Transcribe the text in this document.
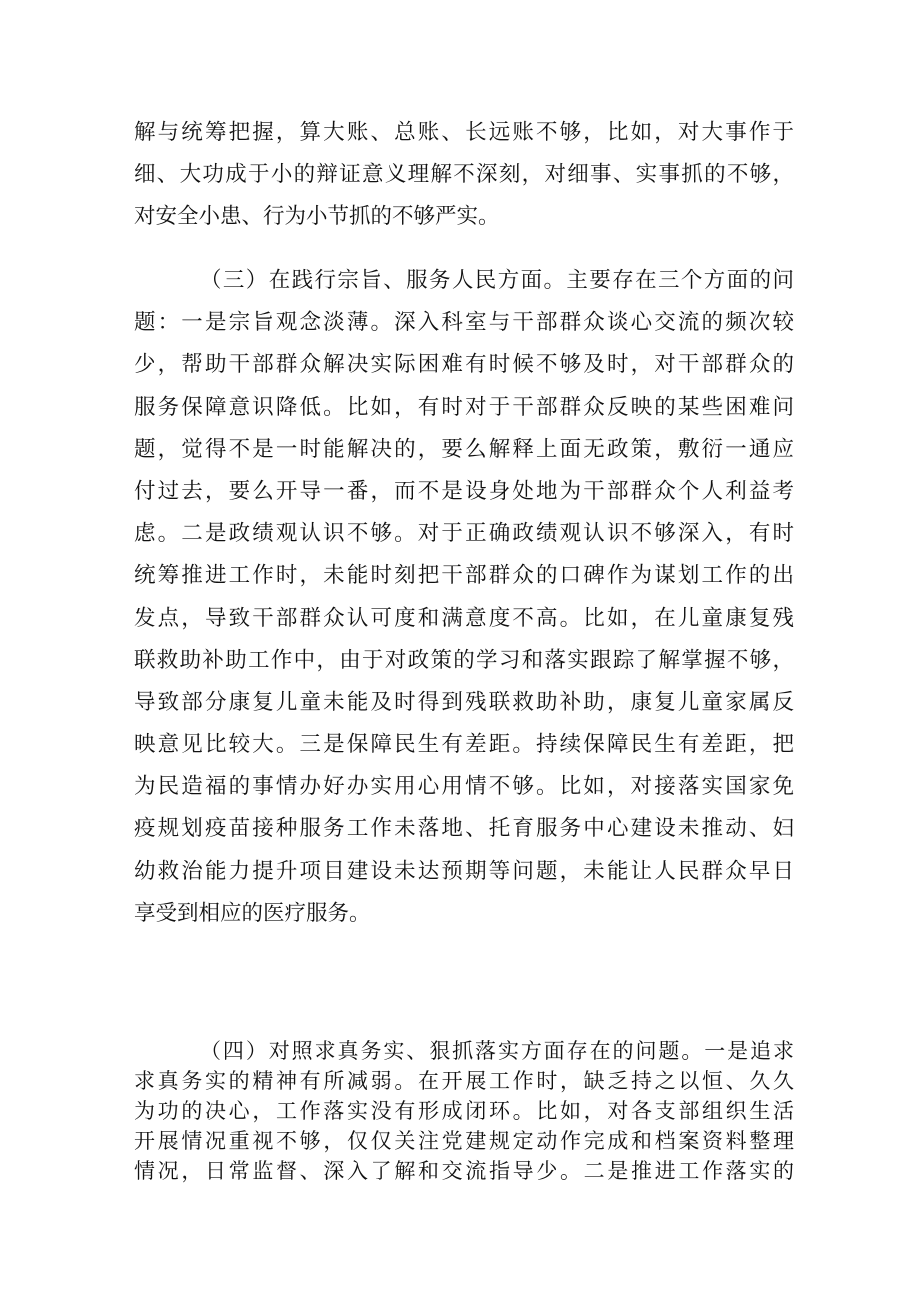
解与统筹把握，算大账、总账、长远账不够，比如，对大事作于
细、大功成于小的辩证意义理解不深刻，对细事、实事抓的不够，
对安全小患、行为小节抓的不够严实。
（三）在践行宗旨、服务人民方面。主要存在三个方面的问
题：一是宗旨观念淡薄。深入科室与干部群众谈心交流的频次较
少，帮助干部群众解决实际困难有时候不够及时，对干部群众的
服务保障意识降低。比如，有时对于干部群众反映的某些困难问
题，觉得不是一时能解决的，要么解释上面无政策，敷衍一通应
付过去，要么开导一番，而不是设身处地为干部群众个人利益考
虑。二是政绩观认识不够。对于正确政绩观认识不够深入，有时
统筹推进工作时，未能时刻把干部群众的口碑作为谋划工作的出
发点，导致干部群众认可度和满意度不高。比如，在儿童康复残
联救助补助工作中，由于对政策的学习和落实跟踪了解掌握不够，
导致部分康复儿童未能及时得到残联救助补助，康复儿童家属反
映意见比较大。三是保障民生有差距。持续保障民生有差距，把
为民造福的事情办好办实用心用情不够。比如，对接落实国家免
疫规划疫苗接种服务工作未落地、托育服务中心建设未推动、妇
幼救治能力提升项目建设未达预期等问题，未能让人民群众早日
享受到相应的医疗服务。
（四）对照求真务实、狠抓落实方面存在的问题。一是追求
求真务实的精神有所减弱。在开展工作时，缺乏持之以恒、久久
为功的决心，工作落实没有形成闭环。比如，对各支部组织生活
开展情况重视不够，仅仅关注党建规定动作完成和档案资料整理
情况，日常监督、深入了解和交流指导少。二是推进工作落实的
